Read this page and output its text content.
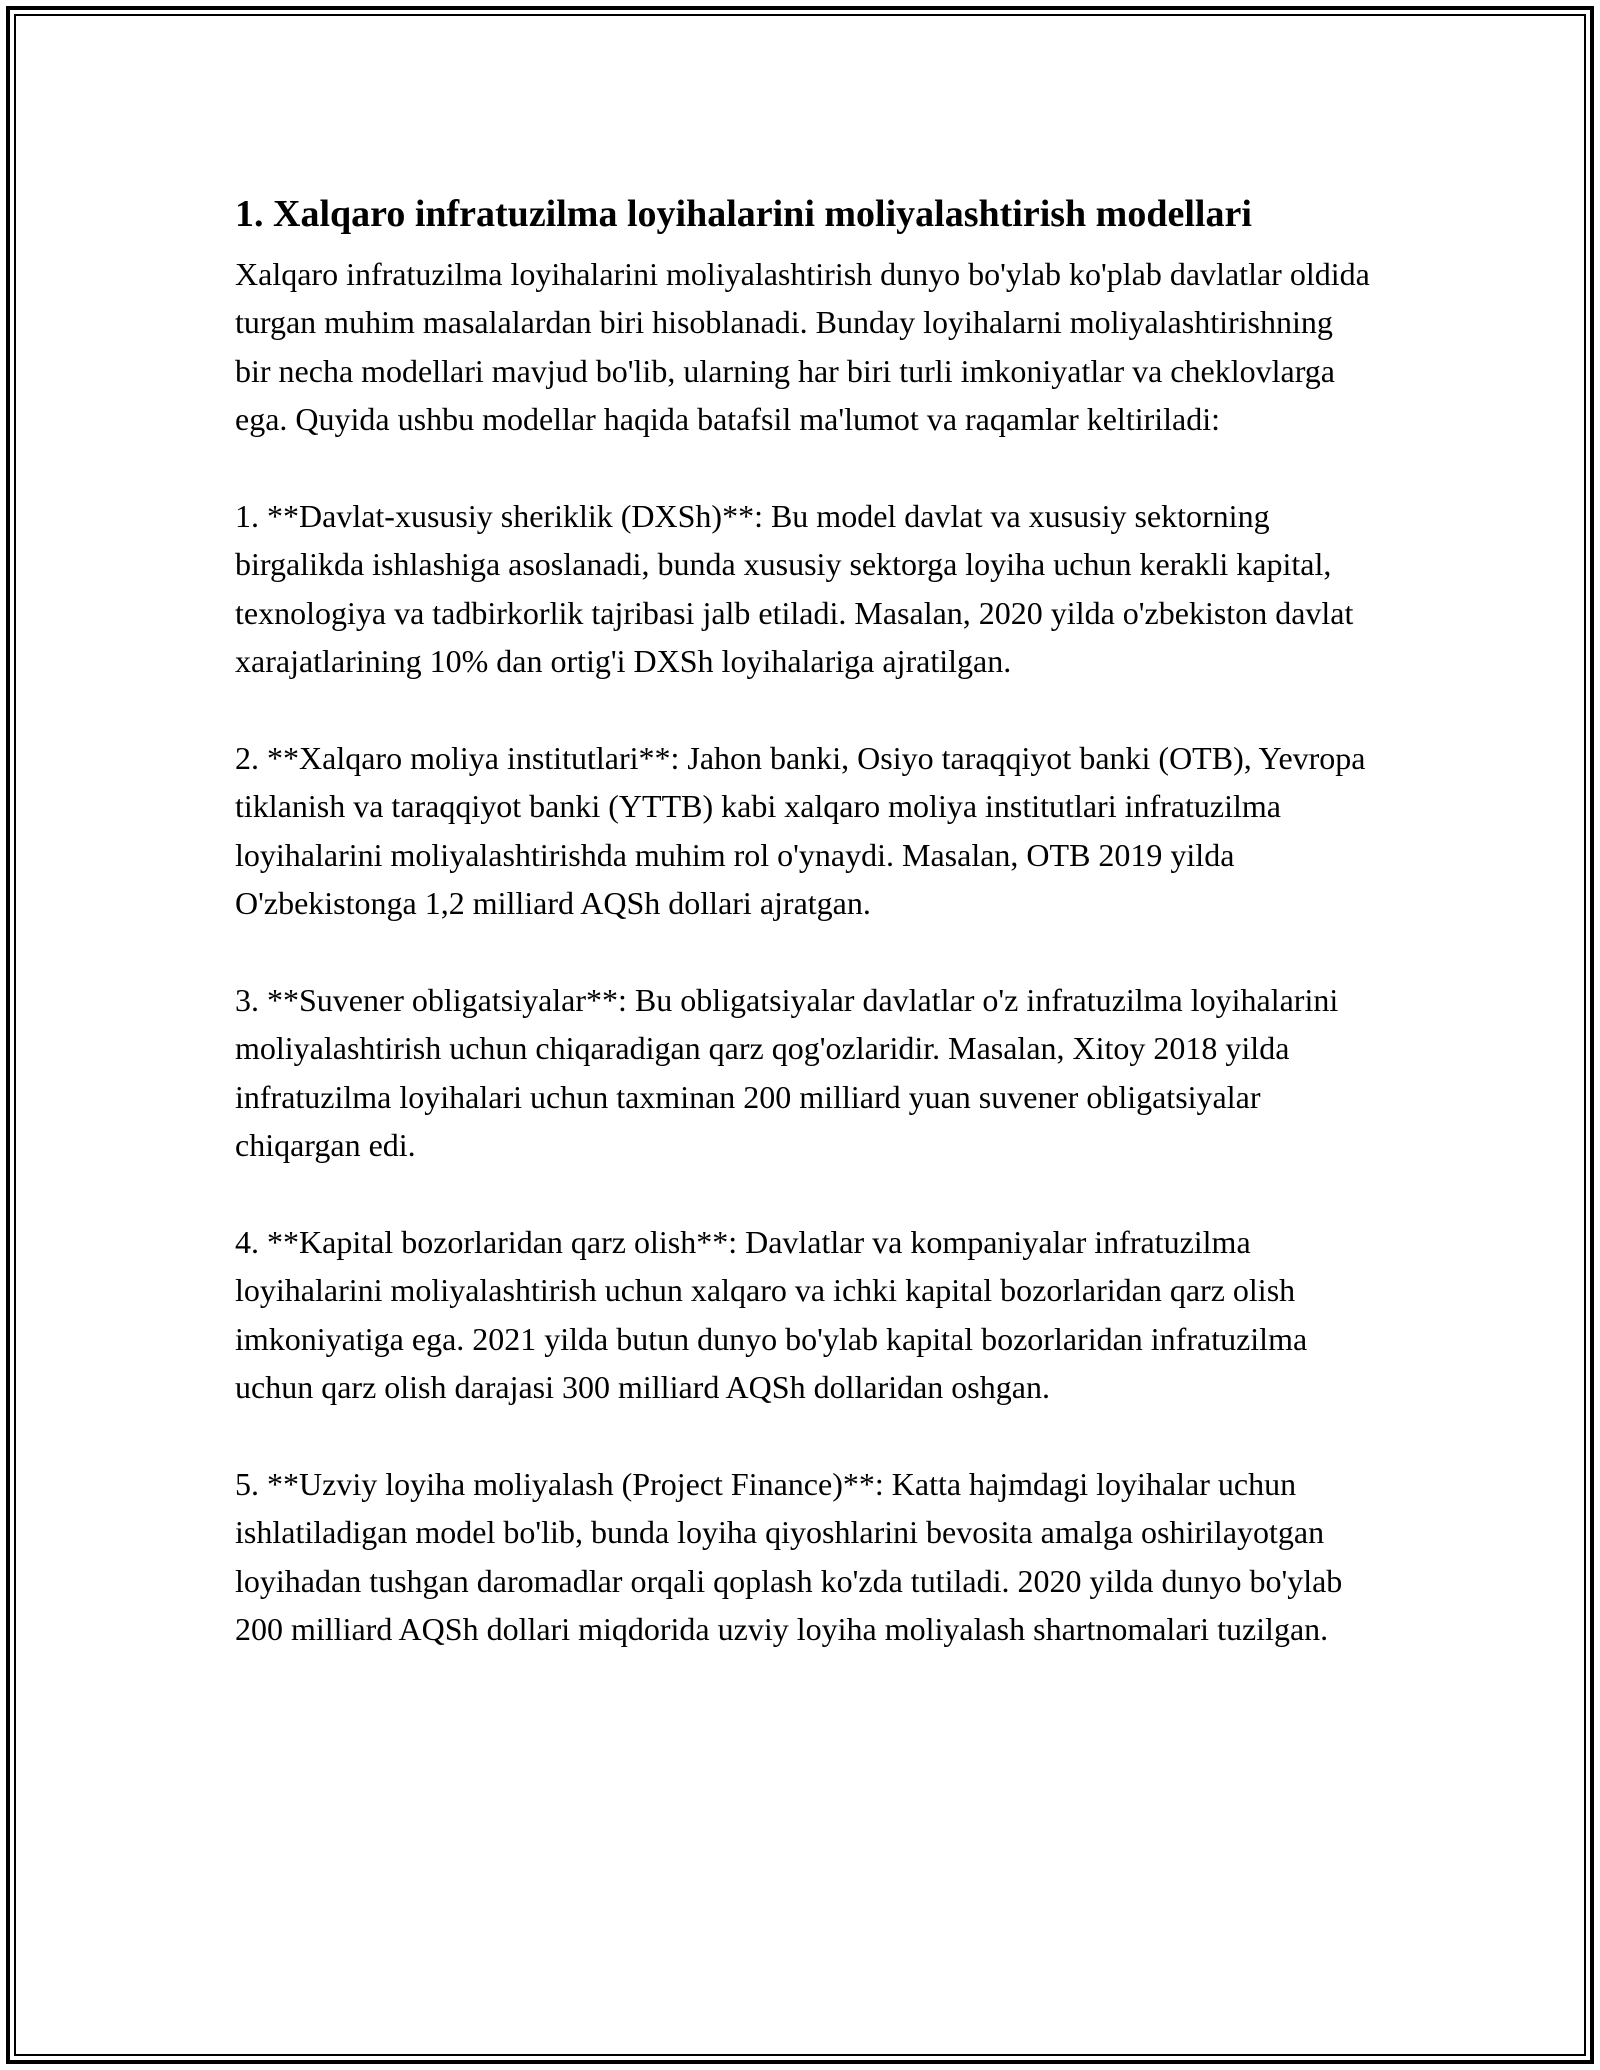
1. Xalqaro infratuzilma loyihalarini moliyalashtirish modellari

Xalqaro infratuzilma loyihalarini moliyalashtirish dunyo bo'ylab ko'plab davlatlar oldida turgan muhim masalalardan biri hisoblanadi. Bunday loyihalarni moliyalashtirishning bir necha modellari mavjud bo'lib, ularning har biri turli imkoniyatlar va cheklovlarga ega. Quyida ushbu modellar haqida batafsil ma'lumot va raqamlar keltiriladi:

1. **Davlat-xususiy sheriklik (DXSh)**: Bu model davlat va xususiy sektorning birgalikda ishlashiga asoslanadi, bunda xususiy sektorga loyiha uchun kerakli kapital, texnologiya va tadbirkorlik tajribasi jalb etiladi. Masalan, 2020 yilda o'zbekiston davlat xarajatlarining 10% dan ortig'i DXSh loyihalariga ajratilgan.

2. **Xalqaro moliya institutlari**: Jahon banki, Osiyo taraqqiyot banki (OTB), Yevropa tiklanish va taraqqiyot banki (YTTB) kabi xalqaro moliya institutlari infratuzilma loyihalarini moliyalashtirishda muhim rol o'ynaydi. Masalan, OTB 2019 yilda O'zbekistonga 1,2 milliard AQSh dollari ajratgan.

3. **Suvener obligatsiyalar**: Bu obligatsiyalar davlatlar o'z infratuzilma loyihalarini moliyalashtirish uchun chiqaradigan qarz qog'ozlaridir. Masalan, Xitoy 2018 yilda infratuzilma loyihalari uchun taxminan 200 milliard yuan suvener obligatsiyalar chiqargan edi.

4. **Kapital bozorlaridan qarz olish**: Davlatlar va kompaniyalar infratuzilma loyihalarini moliyalashtirish uchun xalqaro va ichki kapital bozorlaridan qarz olish imkoniyatiga ega. 2021 yilda butun dunyo bo'ylab kapital bozorlaridan infratuzilma uchun qarz olish darajasi 300 milliard AQSh dollaridan oshgan.

5. **Uzviy loyiha moliyalash (Project Finance)**: Katta hajmdagi loyihalar uchun ishlatiladigan model bo'lib, bunda loyiha qiyoshlarini bevosita amalga oshirilayotgan loyihadan tushgan daromadlar orqali qoplash ko'zda tutiladi. 2020 yilda dunyo bo'ylab 200 milliard AQSh dollari miqdorida uzviy loyiha moliyalash shartnomalari tuzilgan.
